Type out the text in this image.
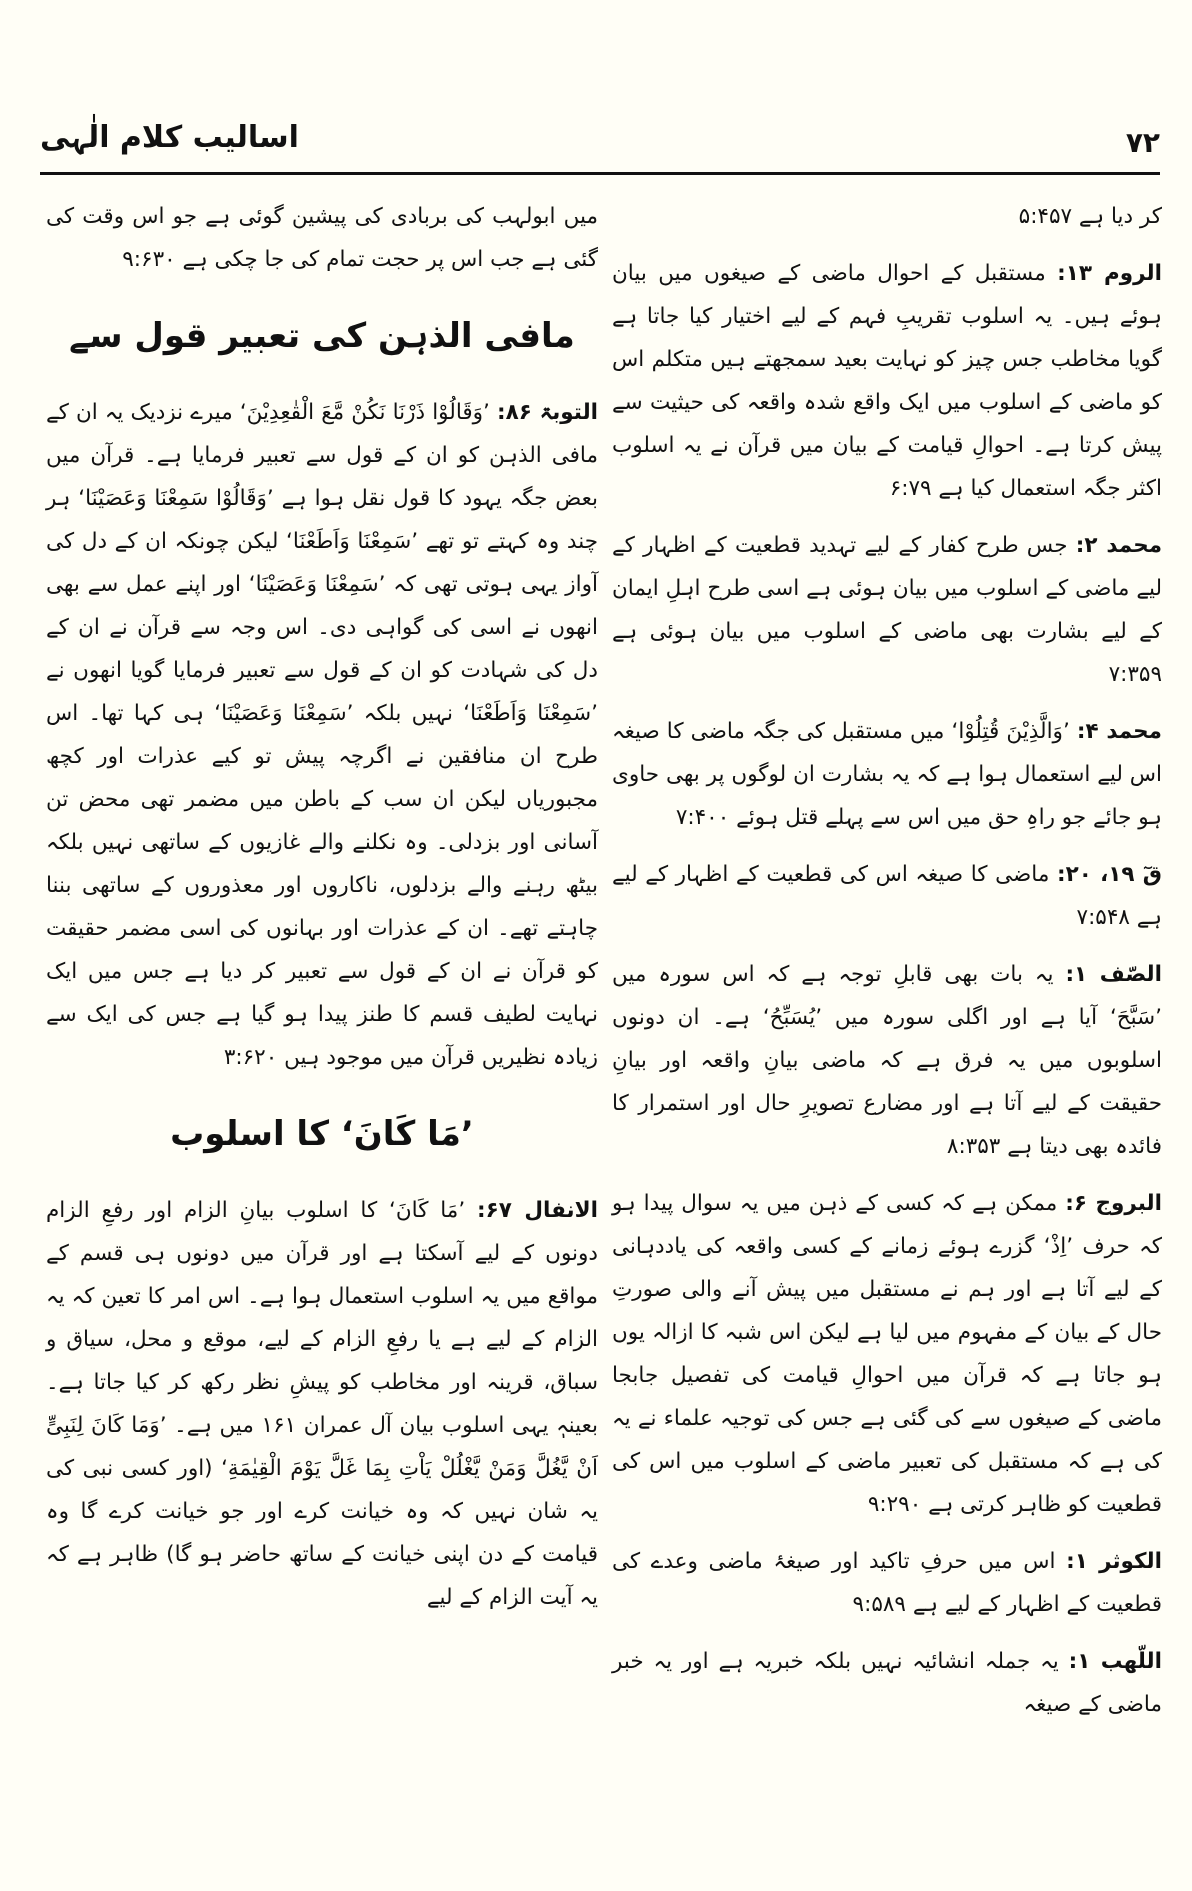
اسالیب کلام الٰہی	۷۲

کر دیا ہے ۵:۴۵۷

الروم ۱۳: مستقبل کے احوال ماضی کے صیغوں میں بیان ہوئے ہیں۔ یہ اسلوب تقریبِ فہم کے لیے اختیار کیا جاتا ہے گویا مخاطب جس چیز کو نہایت بعید سمجھتے ہیں متکلم اس کو ماضی کے اسلوب میں ایک واقع شدہ واقعہ کی حیثیت سے پیش کرتا ہے۔ احوالِ قیامت کے بیان میں قرآن نے یہ اسلوب اکثر جگہ استعمال کیا ہے ۶:۷۹

محمد ۲: جس طرح کفار کے لیے تہدید قطعیت کے اظہار کے لیے ماضی کے اسلوب میں بیان ہوئی ہے اسی طرح اہلِ ایمان کے لیے بشارت بھی ماضی کے اسلوب میں بیان ہوئی ہے ۷:۳۵۹

محمد ۴: ’وَالَّذِيْنَ قُتِلُوْا‘ میں مستقبل کی جگہ ماضی کا صیغہ اس لیے استعمال ہوا ہے کہ یہ بشارت ان لوگوں پر بھی حاوی ہو جائے جو راہِ حق میں اس سے پہلے قتل ہوئے ۷:۴۰۰

قٓ ۱۹، ۲۰: ماضی کا صیغہ اس کی قطعیت کے اظہار کے لیے ہے ۷:۵۴۸

الصّف ۱: یہ بات بھی قابلِ توجہ ہے کہ اس سورہ میں ’سَبَّحَ‘ آیا ہے اور اگلی سورہ میں ’يُسَبِّحُ‘ ہے۔ ان دونوں اسلوبوں میں یہ فرق ہے کہ ماضی بیانِ واقعہ اور بیانِ حقیقت کے لیے آتا ہے اور مضارع تصویرِ حال اور استمرار کا فائدہ بھی دیتا ہے ۸:۳۵۳

البروج ۶: ممکن ہے کہ کسی کے ذہن میں یہ سوال پیدا ہو کہ حرف ’اِذْ‘ گزرے ہوئے زمانے کے کسی واقعہ کی یاددہانی کے لیے آتا ہے اور ہم نے مستقبل میں پیش آنے والی صورتِ حال کے بیان کے مفہوم میں لیا ہے لیکن اس شبہ کا ازالہ یوں ہو جاتا ہے کہ قرآن میں احوالِ قیامت کی تفصیل جابجا ماضی کے صیغوں سے کی گئی ہے جس کی توجیہ علماء نے یہ کی ہے کہ مستقبل کی تعبیر ماضی کے اسلوب میں اس کی قطعیت کو ظاہر کرتی ہے ۹:۲۹۰

الکوثر ۱: اس میں حرفِ تاکید اور صیغۂ ماضی وعدے کی قطعیت کے اظہار کے لیے ہے ۹:۵۸۹

اللّھب ۱: یہ جملہ انشائیہ نہیں بلکہ خبریہ ہے اور یہ خبر ماضی کے صیغہ

میں ابولہب کی بربادی کی پیشین گوئی ہے جو اس وقت کی گئی ہے جب اس پر حجت تمام کی جا چکی ہے ۹:۶۳۰

مافی الذہن کی تعبیر قول سے

التوبۃ ۸۶: ’وَقَالُوْا ذَرْنَا نَكُنْ مَّعَ الْقٰعِدِيْنَ‘ میرے نزدیک یہ ان کے مافی الذہن کو ان کے قول سے تعبیر فرمایا ہے۔ قرآن میں بعض جگہ یہود کا قول نقل ہوا ہے ’وَقَالُوْا سَمِعْنَا وَعَصَيْنَا‘ ہر چند وہ کہتے تو تھے ’سَمِعْنَا وَاَطَعْنَا‘ لیکن چونکہ ان کے دل کی آواز یہی ہوتی تھی کہ ’سَمِعْنَا وَعَصَيْنَا‘ اور اپنے عمل سے بھی انھوں نے اسی کی گواہی دی۔ اس وجہ سے قرآن نے ان کے دل کی شہادت کو ان کے قول سے تعبیر فرمایا گویا انھوں نے ’سَمِعْنَا وَاَطَعْنَا‘ نہیں بلکہ ’سَمِعْنَا وَعَصَيْنَا‘ ہی کہا تھا۔ اس طرح ان منافقین نے اگرچہ پیش تو کیے عذرات اور کچھ مجبوریاں لیکن ان سب کے باطن میں مضمر تھی محض تن آسانی اور بزدلی۔ وہ نکلنے والے غازیوں کے ساتھی نہیں بلکہ بیٹھ رہنے والے بزدلوں، ناکاروں اور معذوروں کے ساتھی بننا چاہتے تھے۔ ان کے عذرات اور بہانوں کی اسی مضمر حقیقت کو قرآن نے ان کے قول سے تعبیر کر دیا ہے جس میں ایک نہایت لطیف قسم کا طنز پیدا ہو گیا ہے جس کی ایک سے زیادہ نظیریں قرآن میں موجود ہیں ۳:۶۲۰

’مَا كَانَ‘ کا اسلوب

الانفال ۶۷: ’مَا كَانَ‘ کا اسلوب بیانِ الزام اور رفعِ الزام دونوں کے لیے آسکتا ہے اور قرآن میں دونوں ہی قسم کے مواقع میں یہ اسلوب استعمال ہوا ہے۔ اس امر کا تعین کہ یہ الزام کے لیے ہے یا رفعِ الزام کے لیے، موقع و محل، سیاق و سباق، قرینہ اور مخاطب کو پیشِ نظر رکھ کر کیا جاتا ہے۔ بعینہٖ یہی اسلوب بیان آل عمران ۱۶۱ میں ہے۔ ’وَمَا كَانَ لِنَبِیٍّ اَنْ يَّغُلَّ وَمَنْ يَّغْلُلْ يَاْتِ بِمَا غَلَّ يَوْمَ الْقِيٰمَةِ‘ (اور کسی نبی کی یہ شان نہیں کہ وہ خیانت کرے اور جو خیانت کرے گا وہ قیامت کے دن اپنی خیانت کے ساتھ حاضر ہو گا) ظاہر ہے کہ یہ آیت الزام کے لیے
